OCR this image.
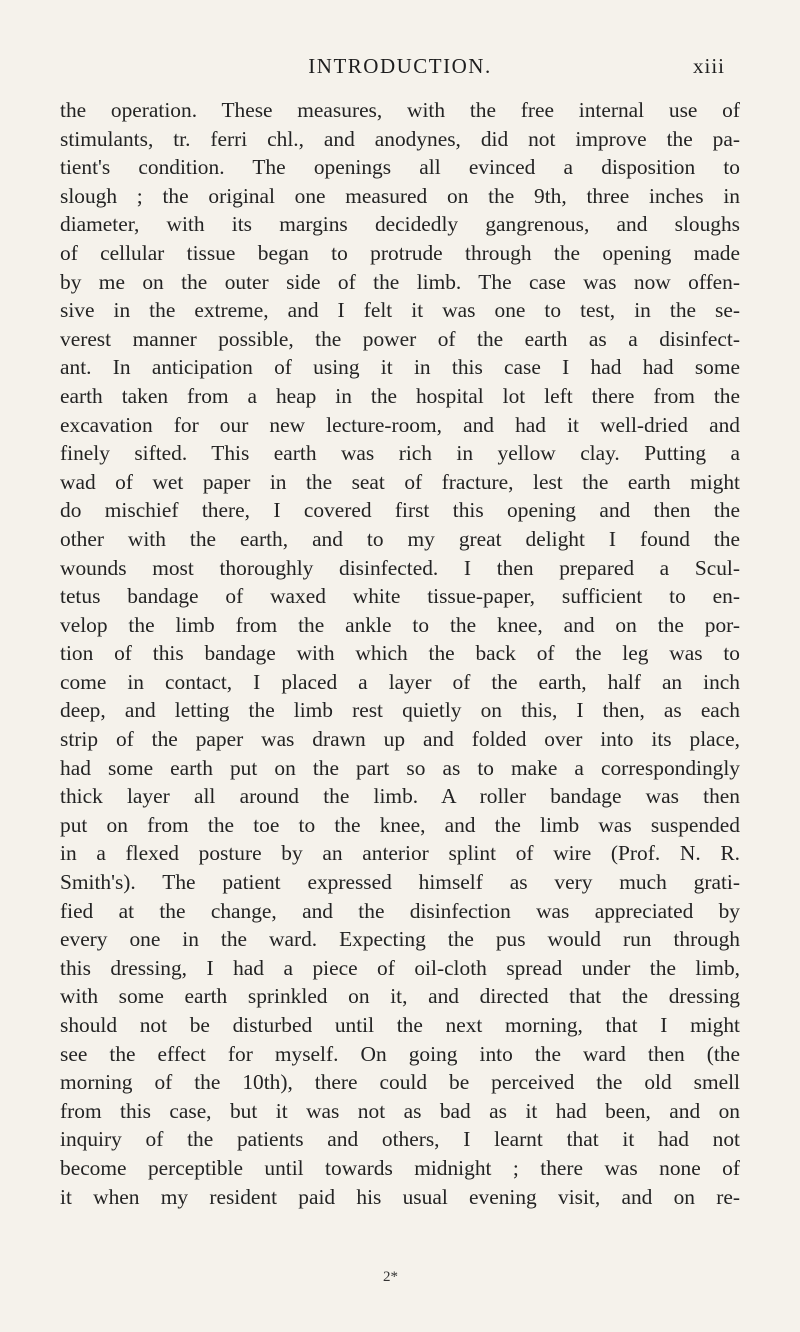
INTRODUCTION.	xiii
the operation. These measures, with the free internal use of
stimulants, tr. ferri chl., and anodynes, did not improve the pa-
tient's condition. The openings all evinced a disposition to
slough ; the original one measured on the 9th, three inches in
diameter, with its margins decidedly gangrenous, and sloughs
of cellular tissue began to protrude through the opening made
by me on the outer side of the limb. The case was now offen-
sive in the extreme, and I felt it was one to test, in the se-
verest manner possible, the power of the earth as a disinfect-
ant. In anticipation of using it in this case I had had some
earth taken from a heap in the hospital lot left there from the
excavation for our new lecture-room, and had it well-dried and
finely sifted. This earth was rich in yellow clay. Putting a
wad of wet paper in the seat of fracture, lest the earth might
do mischief there, I covered first this opening and then the
other with the earth, and to my great delight I found the
wounds most thoroughly disinfected. I then prepared a Scul-
tetus bandage of waxed white tissue-paper, sufficient to en-
velop the limb from the ankle to the knee, and on the por-
tion of this bandage with which the back of the leg was to
come in contact, I placed a layer of the earth, half an inch
deep, and letting the limb rest quietly on this, I then, as each
strip of the paper was drawn up and folded over into its place,
had some earth put on the part so as to make a correspondingly
thick layer all around the limb. A roller bandage was then
put on from the toe to the knee, and the limb was suspended
in a flexed posture by an anterior splint of wire (Prof. N. R.
Smith's). The patient expressed himself as very much grati-
fied at the change, and the disinfection was appreciated by
every one in the ward. Expecting the pus would run through
this dressing, I had a piece of oil-cloth spread under the limb,
with some earth sprinkled on it, and directed that the dressing
should not be disturbed until the next morning, that I might
see the effect for myself. On going into the ward then (the
morning of the 10th), there could be perceived the old smell
from this case, but it was not as bad as it had been, and on
inquiry of the patients and others, I learnt that it had not
become perceptible until towards midnight ; there was none of
it when my resident paid his usual evening visit, and on re-
2*
